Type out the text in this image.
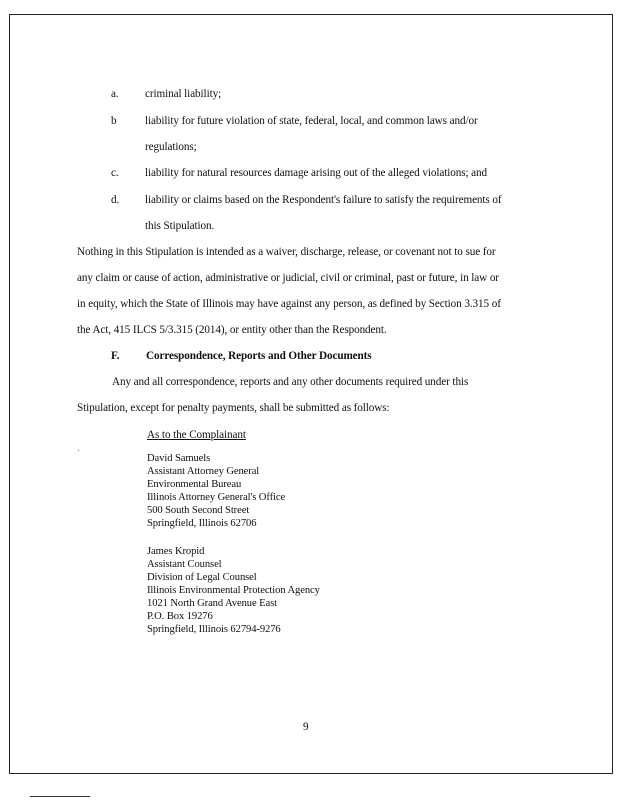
a. criminal liability;
b	liability for future violation of state, federal, local, and common laws and/or
regulations;
c. liability for natural resources damage arising out of the alleged violations; and
d. liability or claims based on the Respondent's failure to satisfy the requirements of
this Stipulation.
Nothing in this Stipulation is intended as a waiver, discharge, release, or covenant not to sue for
any claim or cause of action, administrative or judicial, civil or criminal, past or future, in law or
in equity, which the State of Illinois may have against any person, as defined by Section 3.315 of
the Act, 415 ILCS 5/3.315 (2014), or entity other than the Respondent.
F. Correspondence, Reports and Other Documents
Any and all correspondence, reports and any other documents required under this
Stipulation, except for penalty payments, shall be submitted as follows:
As to the Complainant
David Samuels
Assistant Attorney General
Environmental Bureau
Illinois Attorney General's Office
500 South Second Street
Springfield, Illinois 62706
James Kropid
Assistant Counsel
Division of Legal Counsel
Illinois Environmental Protection Agency
1021 North Grand Avenue East
P.O. Box 19276
Springfield, Illinois 62794-9276
9
